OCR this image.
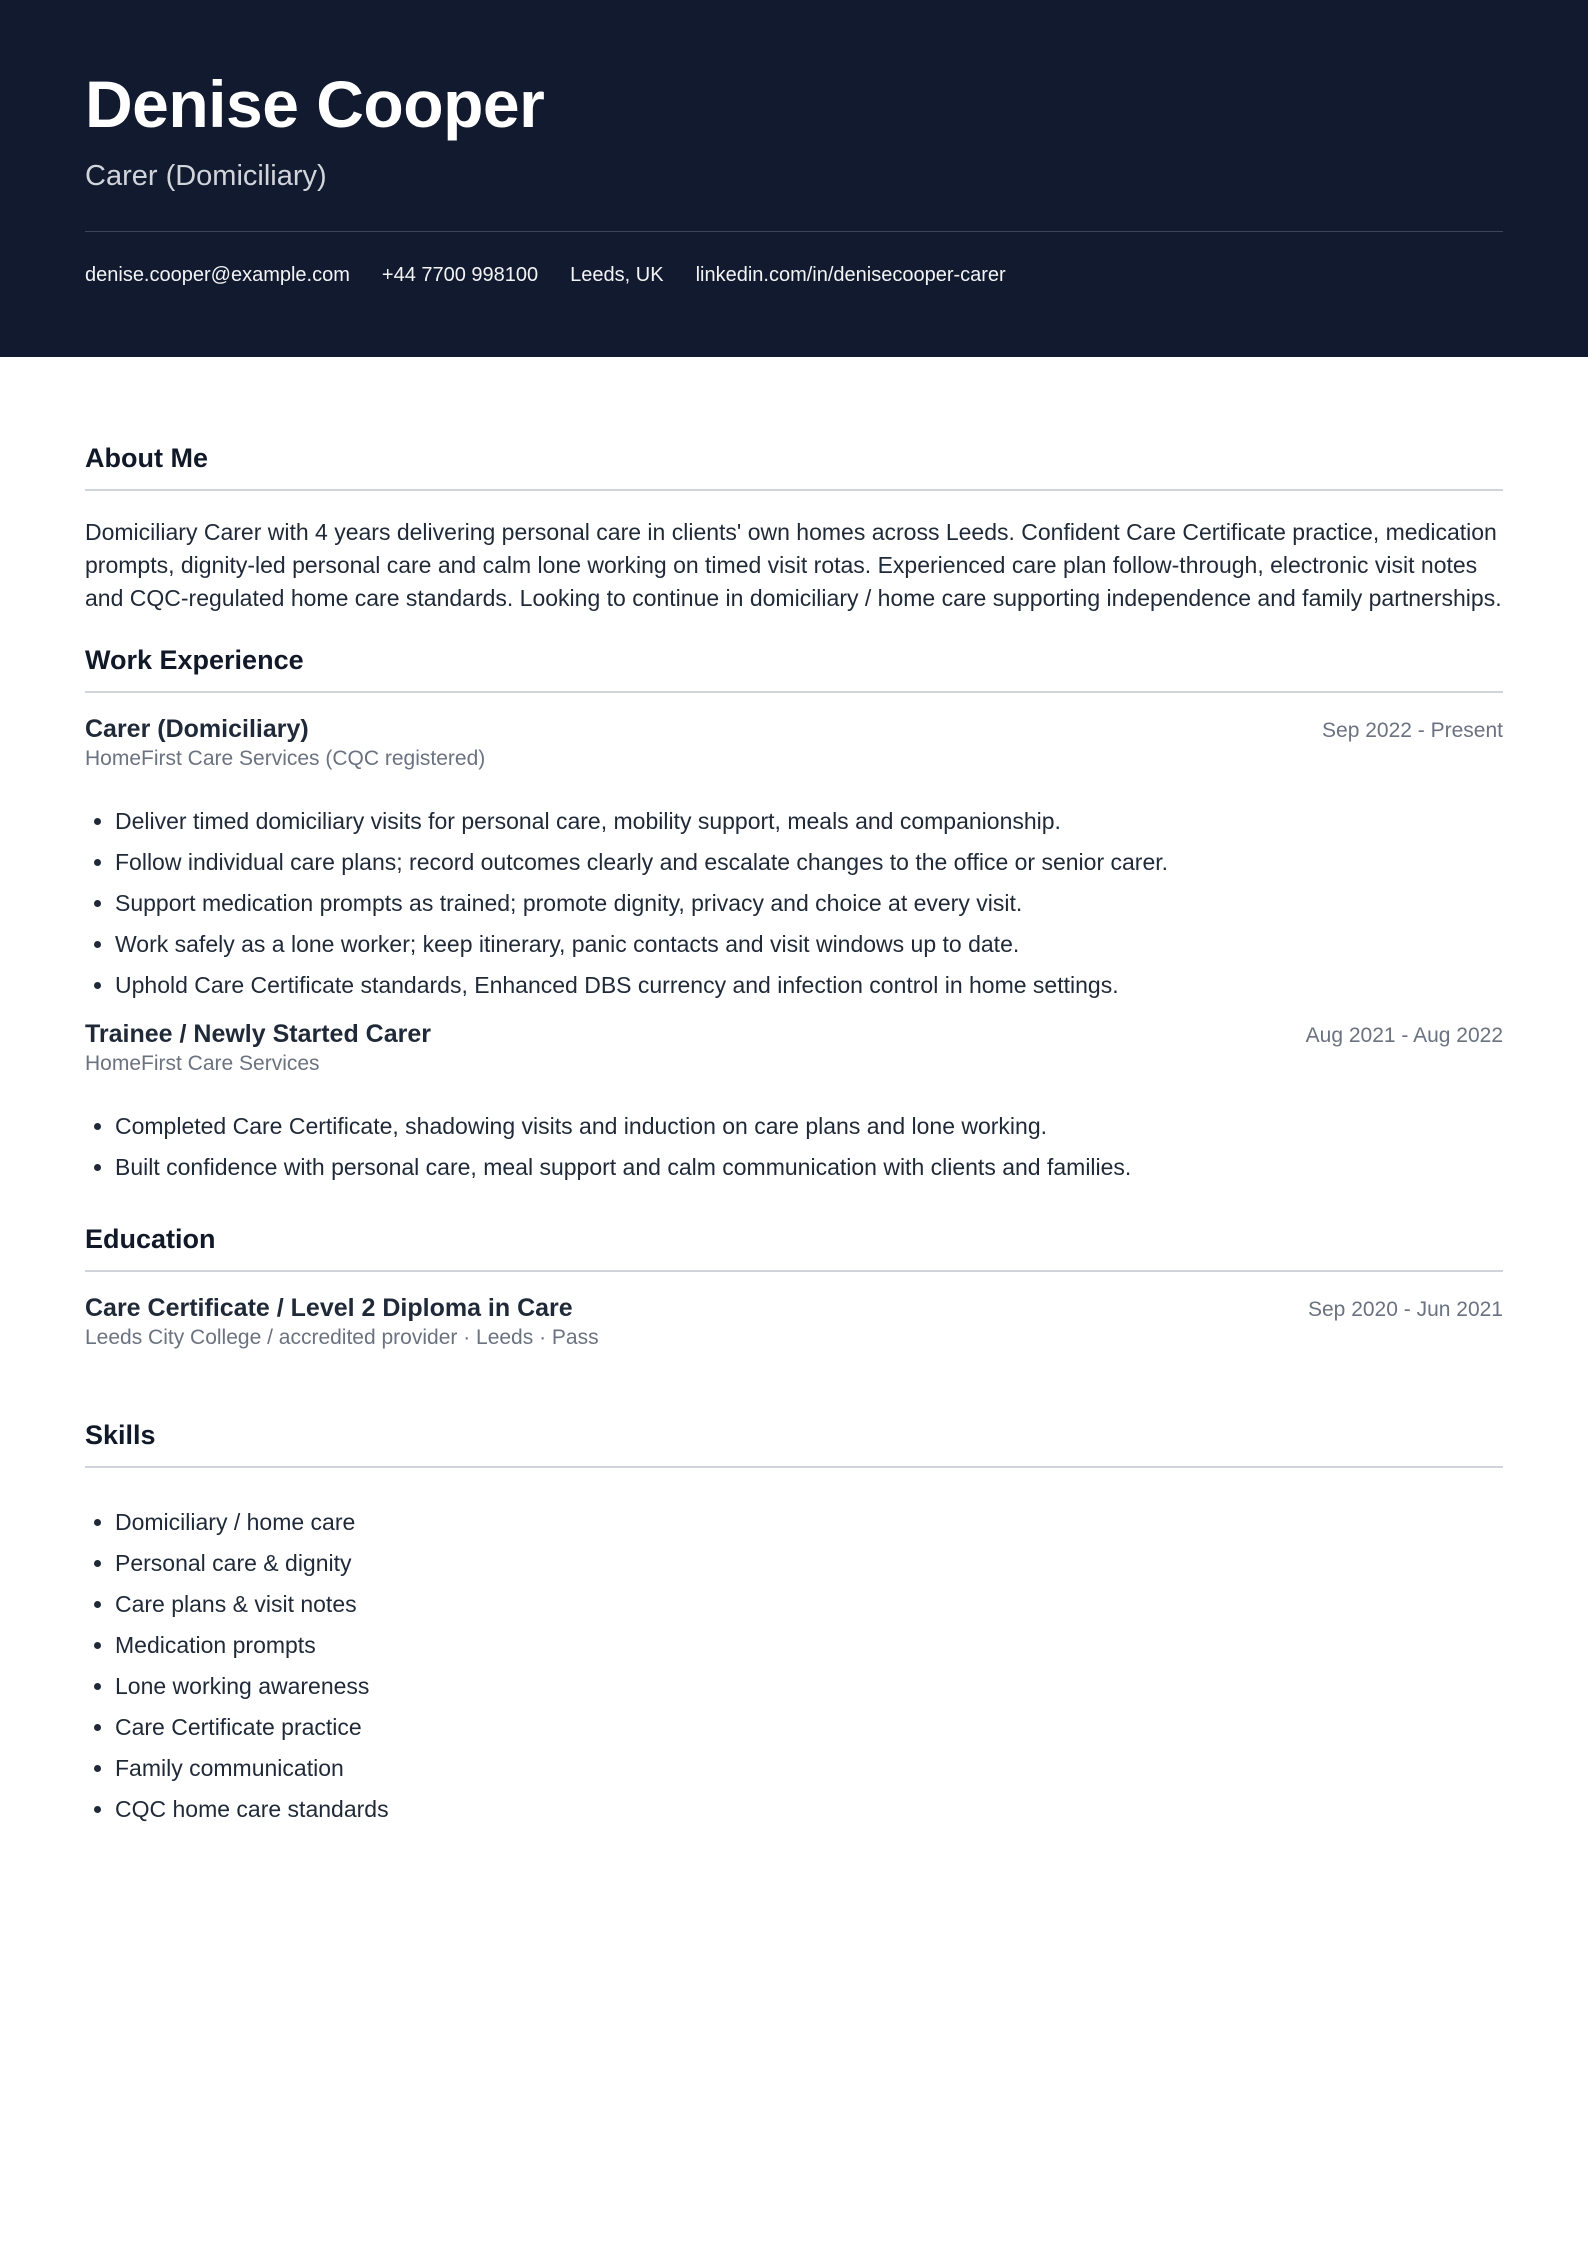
Denise Cooper
Carer (Domiciliary)
denise.cooper@example.com +44 7700 998100 Leeds, UK linkedin.com/in/denisecooper-carer
About Me

Domiciliary Carer with 4 years delivering personal care in clients' own homes across Leeds. Confident Care Certificate practice, medication prompts, dignity-led personal care and calm lone working on timed visit rotas. Experienced care plan follow-through, electronic visit notes and CQC-regulated home care standards. Looking to continue in domiciliary / home care supporting independence and family partnerships.

Work Experience
Carer (Domiciliary)	Sep 2022 - Present
HomeFirst Care Services (CQC registered)
• Deliver timed domiciliary visits for personal care, mobility support, meals and companionship.
• Follow individual care plans; record outcomes clearly and escalate changes to the office or senior carer.
• Support medication prompts as trained; promote dignity, privacy and choice at every visit.
• Work safely as a lone worker; keep itinerary, panic contacts and visit windows up to date.
• Uphold Care Certificate standards, Enhanced DBS currency and infection control in home settings.
Trainee / Newly Started Carer	Aug 2021 - Aug 2022
HomeFirst Care Services
• Completed Care Certificate, shadowing visits and induction on care plans and lone working.
• Built confidence with personal care, meal support and calm communication with clients and families.
Education
Care Certificate / Level 2 Diploma in Care	Sep 2020 - Jun 2021
Leeds City College / accredited provider · Leeds · Pass
Skills
• Domiciliary / home care
• Personal care & dignity
• Care plans & visit notes
• Medication prompts
• Lone working awareness
• Care Certificate practice
• Family communication
• CQC home care standards
